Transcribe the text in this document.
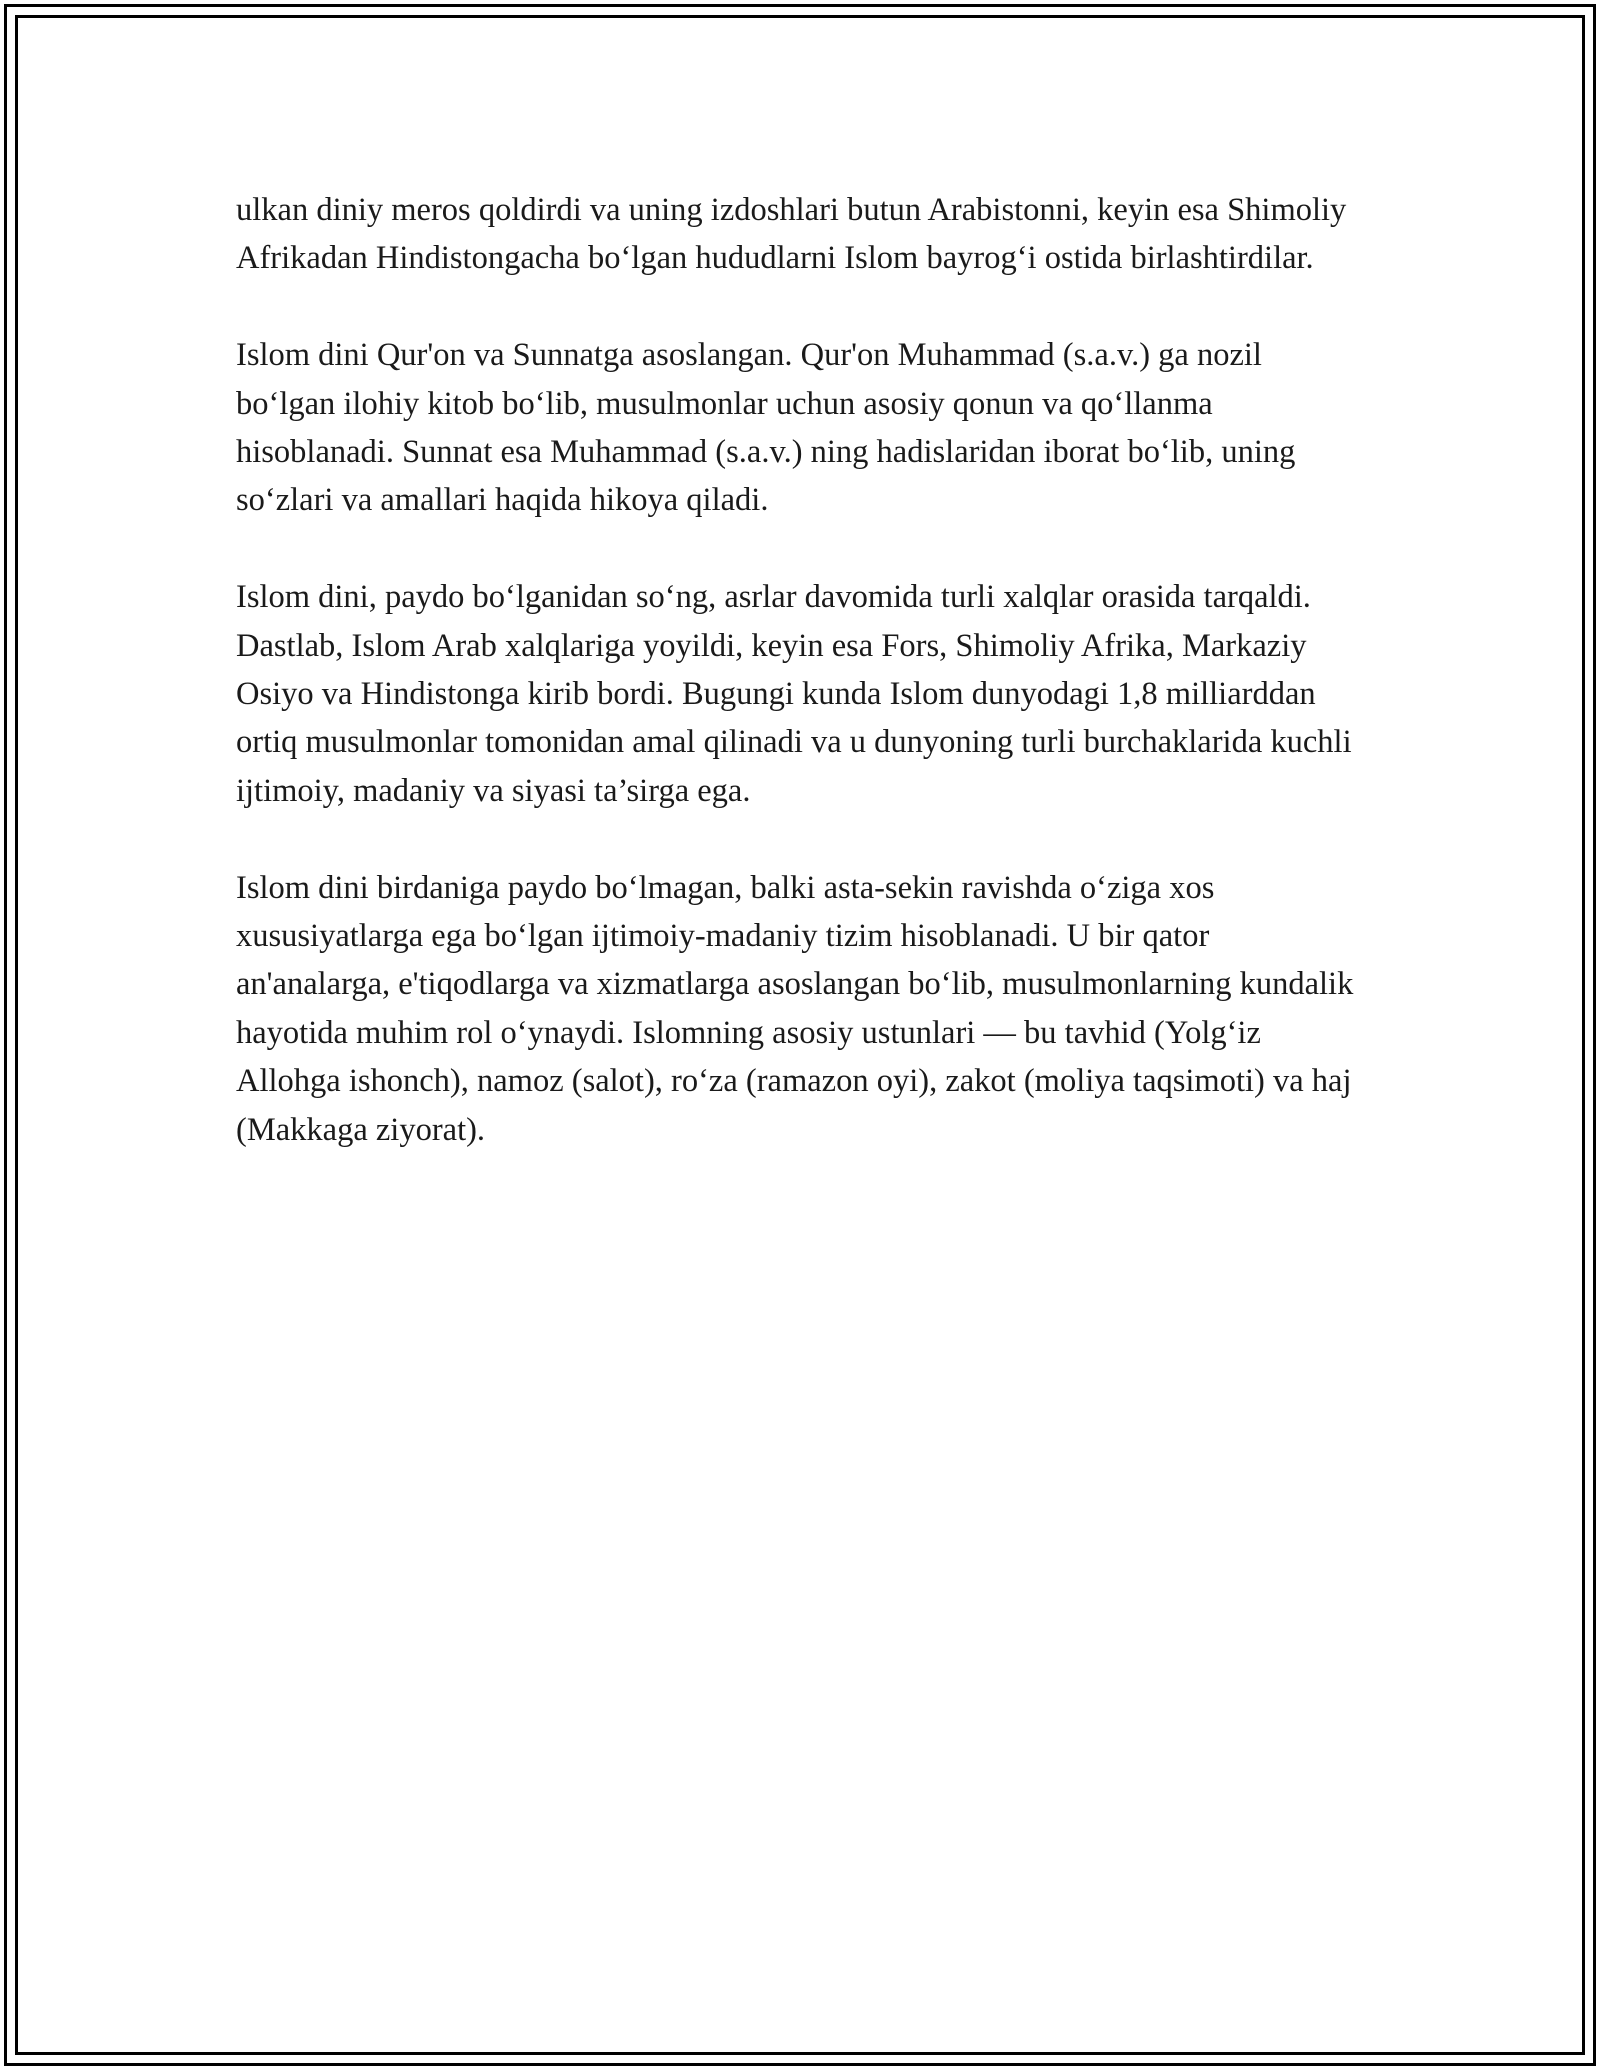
ulkan diniy meros qoldirdi va uning izdoshlari butun Arabistonni, keyin esa Shimoliy Afrikadan Hindistongacha bo‘lgan hududlarni Islom bayrog‘i ostida birlashtirdilar.

Islom dini Qur'on va Sunnatga asoslangan. Qur'on Muhammad (s.a.v.) ga nozil bo‘lgan ilohiy kitob bo‘lib, musulmonlar uchun asosiy qonun va qo‘llanma hisoblanadi. Sunnat esa Muhammad (s.a.v.) ning hadislaridan iborat bo‘lib, uning so‘zlari va amallari haqida hikoya qiladi.

Islom dini, paydo bo‘lganidan so‘ng, asrlar davomida turli xalqlar orasida tarqaldi. Dastlab, Islom Arab xalqlariga yoyildi, keyin esa Fors, Shimoliy Afrika, Markaziy Osiyo va Hindistonga kirib bordi. Bugungi kunda Islom dunyodagi 1,8 milliarddan ortiq musulmonlar tomonidan amal qilinadi va u dunyoning turli burchaklarida kuchli ijtimoiy, madaniy va siyasi ta’sirga ega.

Islom dini birdaniga paydo bo‘lmagan, balki asta-sekin ravishda o‘ziga xos xususiyatlarga ega bo‘lgan ijtimoiy-madaniy tizim hisoblanadi. U bir qator an'analarga, e'tiqodlarga va xizmatlarga asoslangan bo‘lib, musulmonlarning kundalik hayotida muhim rol o‘ynaydi. Islomning asosiy ustunlari — bu tavhid (Yolg‘iz Allohga ishonch), namoz (salot), ro‘za (ramazon oyi), zakot (moliya taqsimoti) va haj (Makkaga ziyorat).
